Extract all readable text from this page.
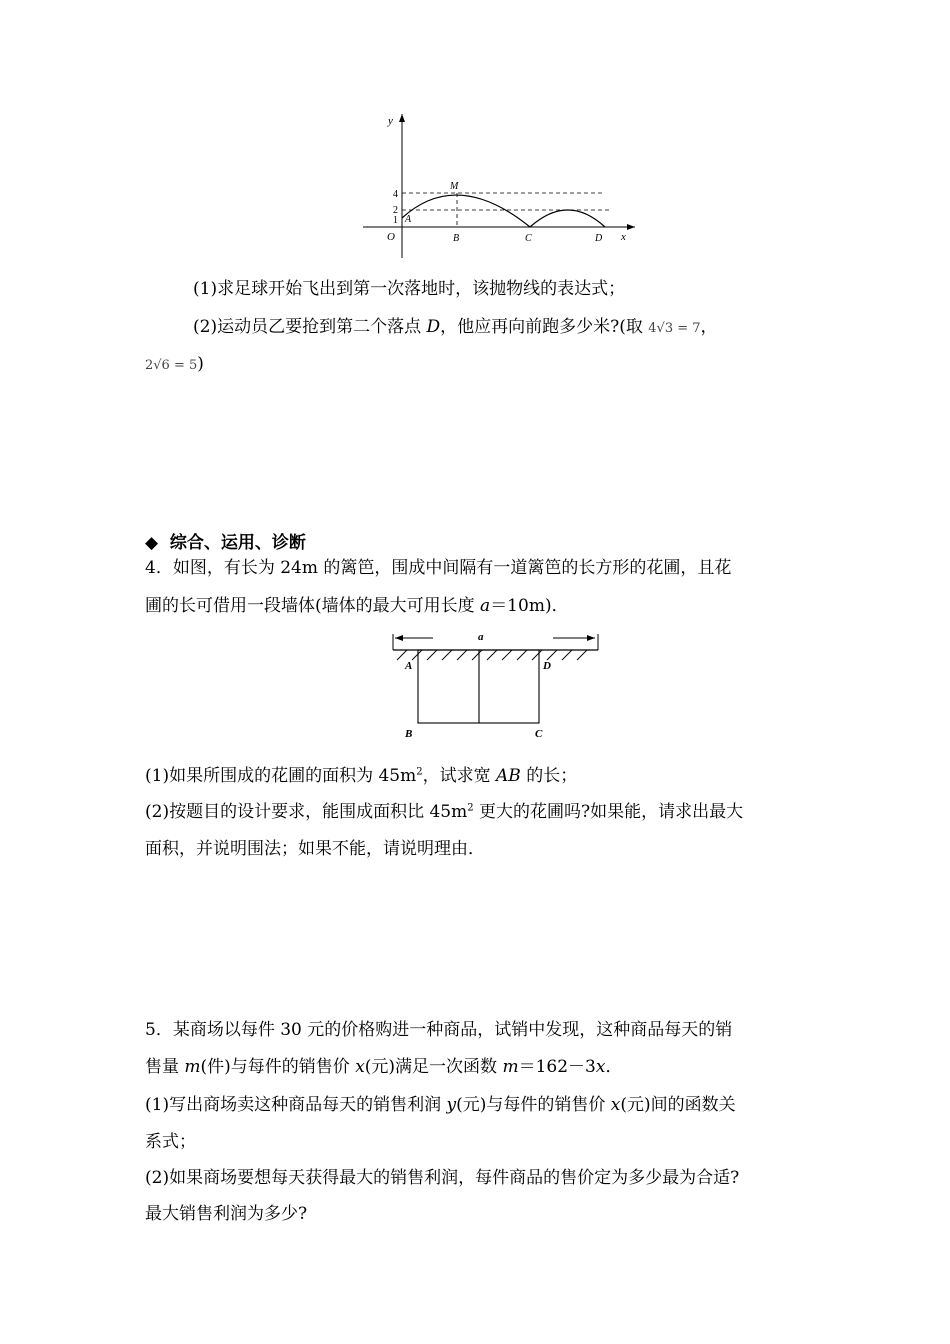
y
x
O
4
2
1 A
M
B	C	D
(1)求足球开始飞出到第一次落地时，该抛物线的表达式；
(2)运动员乙要抢到第二个落点 D，他应再向前跑多少米?(取 4√3 = 7，
2√6 = 5)
◆ 综合、运用、诊断
4．如图，有长为 24m 的篱笆，围成中间隔有一道篱笆的长方形的花圃，且花
圃的长可借用一段墙体(墙体的最大可用长度 a＝10m)．
a
A	D
B	C
(1)如果所围成的花圃的面积为 $45m^2$，试求宽 AB 的长；
(2)按题目的设计要求，能围成面积比 $45m^2$ 更大的花圃吗?如果能，请求出最大
面积，并说明围法；如果不能，请说明理由．
5．某商场以每件 30 元的价格购进一种商品，试销中发现，这种商品每天的销
售量 m(件)与每件的销售价 x(元)满足一次函数 m＝162－3x．
(1)写出商场卖这种商品每天的销售利润 y(元)与每件的销售价 x(元)间的函数关
系式；
(2)如果商场要想每天获得最大的销售利润，每件商品的售价定为多少最为合适?
最大销售利润为多少?
